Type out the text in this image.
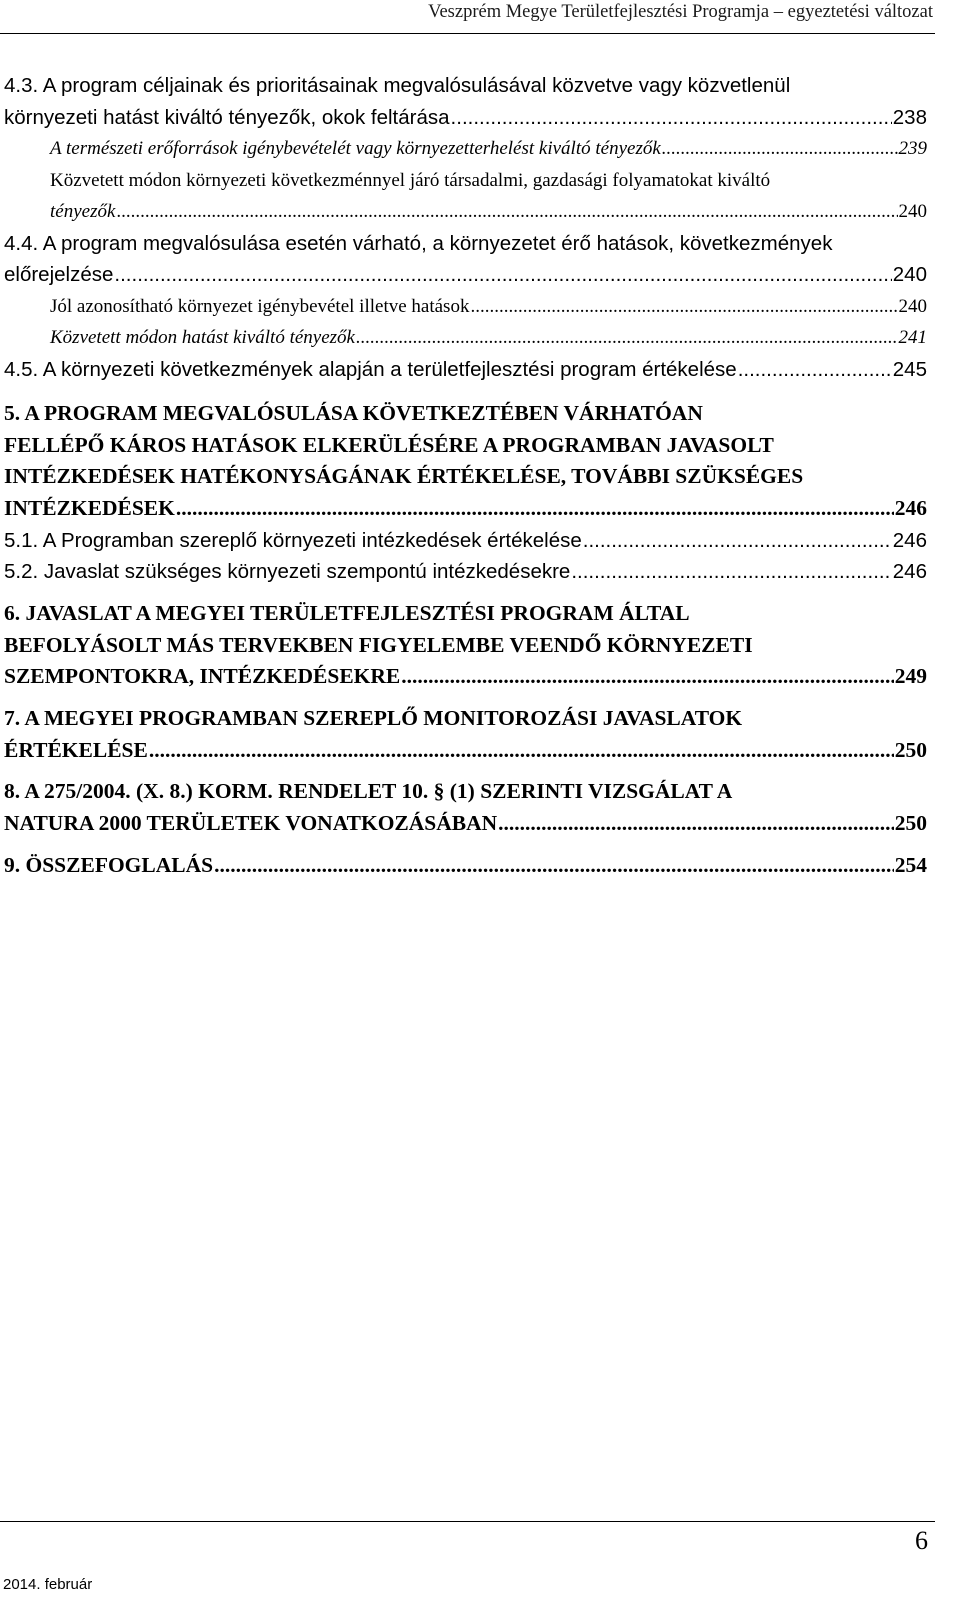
Veszprém Megye Területfejlesztési Programja – egyeztetési változat
4.3. A program céljainak és prioritásainak megvalósulásával közvetve vagy közvetlenül
környezeti hatást kiváltó tényezők, okok feltárása .....	238
A természeti erőforrások igénybevételét vagy környezetterhelést kiváltó tényezők .....	239
Közvetett módon környezeti következménnyel járó társadalmi, gazdasági folyamatokat kiváltó
tényezők .....	240
4.4. A program megvalósulása esetén várható, a környezetet érő hatások, következmények
előrejelzése .....	240
Jól azonosítható környezet igénybevétel illetve hatások .....	240
Közvetett módon hatást kiváltó tényezők .....	241
4.5. A környezeti következmények alapján a területfejlesztési program értékelése .....	245
5. A PROGRAM MEGVALÓSULÁSA KÖVETKEZTÉBEN VÁRHATÓAN
FELLÉPŐ KÁROS HATÁSOK ELKERÜLÉSÉRE A PROGRAMBAN JAVASOLT
INTÉZKEDÉSEK HATÉKONYSÁGÁNAK ÉRTÉKELÉSE, TOVÁBBI SZÜKSÉGES
INTÉZKEDÉSEK .....	246
5.1. A Programban szereplő környezeti intézkedések értékelése .....	246
5.2. Javaslat szükséges környezeti szempontú intézkedésekre .....	246
6. JAVASLAT A MEGYEI TERÜLETFEJLESZTÉSI PROGRAM ÁLTAL
BEFOLYÁSOLT MÁS TERVEKBEN FIGYELEMBE VEENDŐ KÖRNYEZETI
SZEMPONTOKRA, INTÉZKEDÉSEKRE .....	249
7. A MEGYEI PROGRAMBAN SZEREPLŐ MONITOROZÁSI JAVASLATOK
ÉRTÉKELÉSE .....	250
8. A 275/2004. (X. 8.) KORM. RENDELET 10. § (1) SZERINTI VIZSGÁLAT A
NATURA 2000 TERÜLETEK VONATKOZÁSÁBAN .....	250
9. ÖSSZEFOGLALÁS .....	254
6
2014. február
